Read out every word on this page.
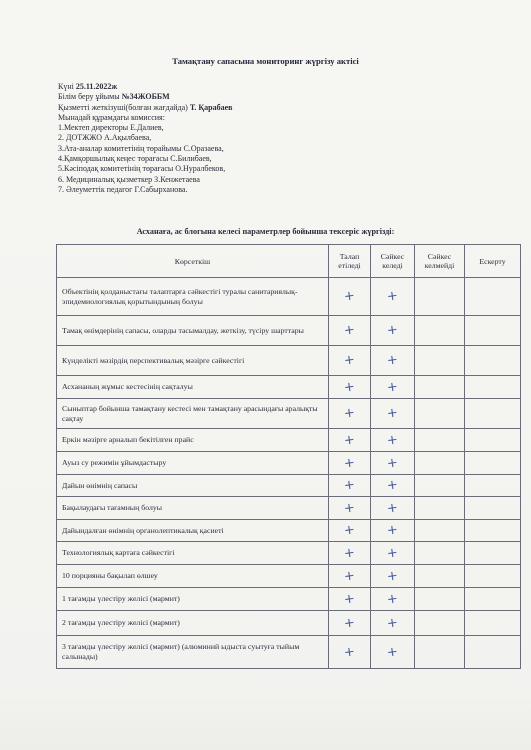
Тамақтану сапасына мониторинг жүргізу актісі
Күні 25.11.2022ж
Білім беру ұйымы №34ЖОББМ
Қызметті жеткізуші(болған жағдайда) Т. Қарабаев
Мынадай құрамдағы комиссия:
1.Мектеп директоры Е.Далиев,
2. ДОТЖЖО А.Ақылбаева,
3.Ата-аналар комитетінің төрайымы С.Оразаева,
4.Қамқоршылық кеңес төрағасы С.Билибаев,
5.Кәсіподақ комитетінің төрағасы О.Нуралбеков,
6. Медициналық қызметкер З.Кенжетаева
7. Әлеуметтік педагог Г.Сабырханова.
Асханаға, ас блогына келесі параметрлер бойынша тексеріс жүргізді:
Көрсеткіш	Талап етіледі	Сәйкес келеді	Сәйкес келмейді	Ескерту
Объектінің қолданыстағы талаптарға сәйкестігі туралы санитариялық-эпидемиологиялық қорытындының болуы	+	+		
Тамақ өнімдерінің сапасы, оларды тасымалдау, жеткізу, түсіру шарттары	+	+		
Күнделікті мәзірдің перспективалық мәзірге сәйкестігі	+	+		
Асхананың жұмыс кестесінің сақталуы	+	+		
Сыныптар бойынша тамақтану кестесі мен тамақтану арасындағы аралықты сақтау	+	+		
Еркін мәзірге арналып бекітілген прайс	+	+		
Ауыз су режимін ұйымдастыру	+	+		
Дайын өнімнің сапасы	+	+		
Бақылаудағы тағамның болуы	+	+		
Дайындалған өнімнің органолептикалық қасиеті	+	+		
Технологиялық картаға сәйкестігі	+	+		
10 порцияны бақылап өлшеу	+	+		
1 тағамды үлестіру желісі (мармит)	+	+		
2 тағамды үлестіру желісі (мармит)	+	+		
3 тағамды үлестіру желісі (мармит) (алюминий ыдыста суытуға тыйым салынады)	+	+		
